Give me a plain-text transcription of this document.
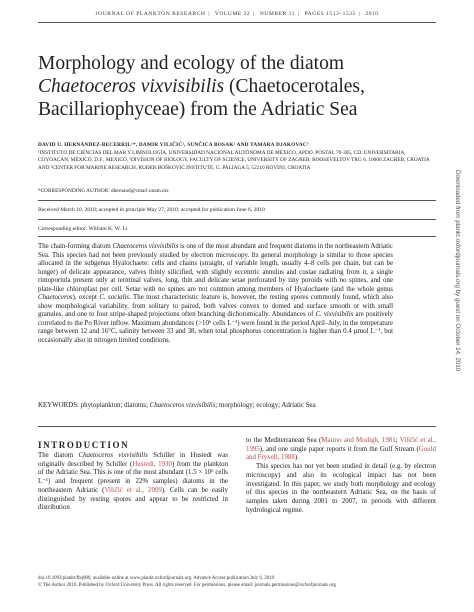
JOURNAL OF PLANKTON RESEARCH | VOLUME 32 | NUMBER 11 | PAGES 1513–1525 | 2010
Morphology and ecology of the diatom
Chaetoceros vixvisibilis (Chaetocerotales,
Bacillariophyceae) from the Adriatic Sea
DAVID U. HERNÁNDEZ-BECERRIL¹*, DAMIR VILIČIĆ², SUNČICA BOSAK² AND TAMARA DJAKOVAC³
¹INSTITUTO DE CIENCIAS DEL MAR Y LIMNOLOGÍA, UNIVERSIDAD NACIONAL AUTÓNOMA DE MÉXICO, APDO. POSTAL 70-305, CD. UNIVERSITARIA, COYOACAN, MÉXICO, D.F., MEXICO, ²DIVISION OF BIOLOGY, FACULTY OF SCIENCE, UNIVERSITY OF ZAGREB, ROOSEVELTOV TRG 6, 10000 ZAGREB, CROATIA AND ³CENTER FOR MARINE RESEARCH, RUĐER BOŠKOVIĆ INSTITUTE, G. PALIAGA 5, 52210 ROVINJ, CROATIA
*CORRESPONDING AUTHOR: dhernand@cmarl.unam.mx
Received March 10, 2010; accepted in principle May 27, 2010; accepted for publication June 6, 2010
Corresponding editor: William K. W. Li
The chain-forming diatom Chaetoceros vixvisibilis is one of the most abundant and frequent diatoms in the northeastern Adriatic Sea. This species had not been previously studied by electron microscopy. Its general morphology is similar to those species allocated in the subgenus Hyalochaete: cells and chains (straight, of variable length, usually 4–8 cells per chain, but can be longer) of delicate appearance, valves thinly silicified, with slightly eccentric annulus and costae radiating from it, a single rimoportula present only at terminal valves, long, thin and delicate setae perforated by tiny poroids with no spines, and one plate-like chloroplast per cell. Setae with no spines are not common among members of Hyalochaete (and the whole genus Chaetoceros), except C. socialis. The most characteristic feature is, however, the resting spores commonly found, which also show morphological variability, from solitary to paired, both valves convex to domed and surface smooth or with small granules, and one to four stripe-shaped projections often branching dichotomically. Abundances of C. vixvisibilis are positively correlated to the Po River inflow. Maximum abundances (>10⁶ cells L⁻¹) were found in the period April–July, in the temperature range between 12 and 16°C, salinity between 33 and 38, when total phosphorus concentration is higher than 0.4 µmol L⁻¹, but occasionally also in nitrogen limited conditions.
KEYWORDS: phytoplankton; diatoms; Chaetoceros vixvisibilis; morphology; ecology; Adriatic Sea
INTRODUCTION
The diatom Chaetoceros vixvisibilis Schiller in Hustedt was originally described by Schiller (Hustedt, 1930) from the plankton of the Adriatic Sea. This is one of the most abundant (1.5 × 10⁶ cells L⁻¹) and frequent (present in 22% samples) diatoms in the northeastern Adriatic (Viličić et al., 2009). Cells can be easily distinguished by resting spores and appear to be restricted in distribution
to the Mediterranean Sea (Marino and Modigh, 1981; Viličić et al., 1995), and one single paper reports it from the Gulf Stream (Gould and Fryxell, 1988).
This species has not yet been studied in detail (e.g. by electron microscopy) and also its ecological impact has not been investigated. In this paper, we study both morphology and ecology of this species in the northeastern Adriatic Sea, on the basis of samples taken during 2001 to 2007, in periods with different hydrological regime.
doi:10.1093/plankt/fbq080, available online at www.plankt.oxfordjournals.org. Advance Access publication July 6, 2010
© The Author 2010. Published by Oxford University Press. All rights reserved. For permissions, please email: journals.permissions@oxfordjournals.org
Downloaded from plankt.oxfordjournals.org by guest on October 14, 2010
